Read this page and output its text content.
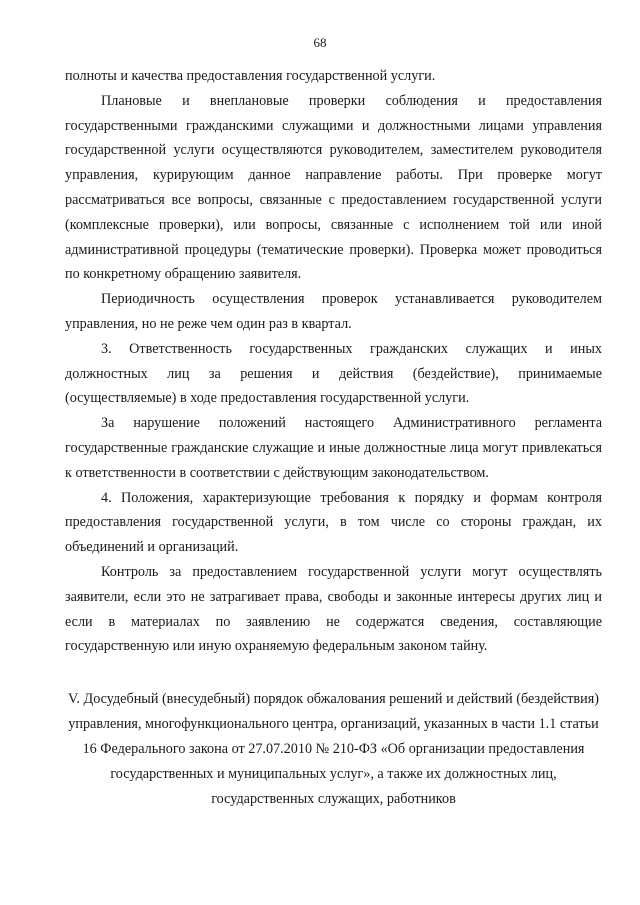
68

полноты и качества предоставления государственной услуги.

Плановые и внеплановые проверки соблюдения и предоставления государственными гражданскими служащими и должностными лицами управления государственной услуги осуществляются руководителем, заместителем руководителя управления, курирующим данное направление работы. При проверке могут рассматриваться все вопросы, связанные с предоставлением государственной услуги (комплексные проверки), или вопросы, связанные с исполнением той или иной административной процедуры (тематические проверки). Проверка может проводиться по конкретному обращению заявителя.

Периодичность осуществления проверок устанавливается руководителем управления, но не реже чем один раз в квартал.

3. Ответственность государственных гражданских служащих и иных должностных лиц за решения и действия (бездействие), принимаемые (осуществляемые) в ходе предоставления государственной услуги.

За нарушение положений настоящего Административного регламента государственные гражданские служащие и иные должностные лица могут привлекаться к ответственности в соответствии с действующим законодательством.

4. Положения, характеризующие требования к порядку и формам контроля предоставления государственной услуги, в том числе со стороны граждан, их объединений и организаций.

Контроль за предоставлением государственной услуги могут осуществлять заявители, если это не затрагивает права, свободы и законные интересы других лиц и если в материалах по заявлению не содержатся сведения, составляющие государственную или иную охраняемую федеральным законом тайну.

V. Досудебный (внесудебный) порядок обжалования решений и действий (бездействия) управления, многофункционального центра, организаций, указанных в части 1.1 статьи 16 Федерального закона от 27.07.2010 № 210-ФЗ «Об организации предоставления государственных и муниципальных услуг», а также их должностных лиц, государственных служащих, работников
